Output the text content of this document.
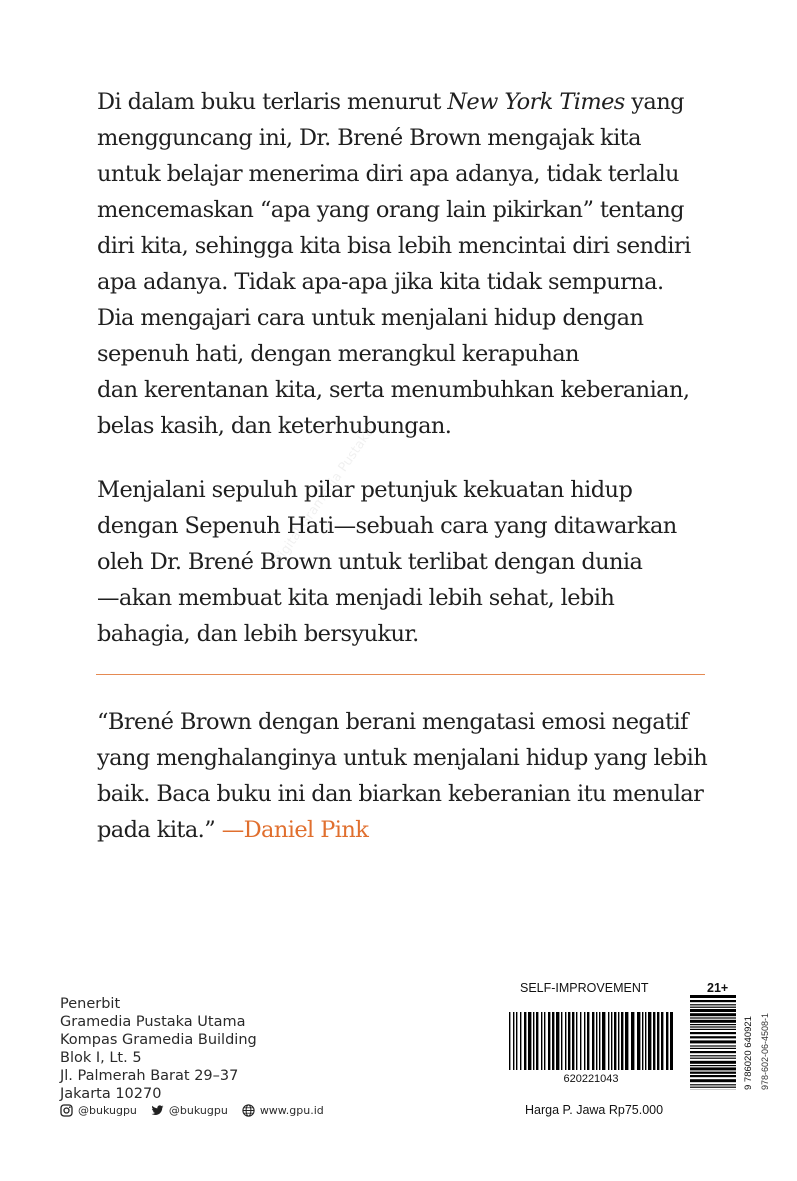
Di dalam buku terlaris menurut New York Times yang
mengguncang ini, Dr. Brené Brown mengajak kita
untuk belajar menerima diri apa adanya, tidak terlalu
mencemaskan “apa yang orang lain pikirkan” tentang
diri kita, sehingga kita bisa lebih mencintai diri sendiri
apa adanya. Tidak apa-apa jika kita tidak sempurna.
Dia mengajari cara untuk menjalani hidup dengan
sepenuh hati, dengan merangkul kerapuhan
dan kerentanan kita, serta menumbuhkan keberanian,
belas kasih, dan keterhubungan.
Menjalani sepuluh pilar petunjuk kekuatan hidup
dengan Sepenuh Hati—sebuah cara yang ditawarkan
oleh Dr. Brené Brown untuk terlibat dengan dunia
—akan membuat kita menjadi lebih sehat, lebih
bahagia, dan lebih bersyukur.
Digital Gramedia Pustaka
“Brené Brown dengan berani mengatasi emosi negatif
yang menghalanginya untuk menjalani hidup yang lebih
baik. Baca buku ini dan biarkan keberanian itu menular
pada kita.” —Daniel Pink
Penerbit
Gramedia Pustaka Utama
Kompas Gramedia Building
Blok I, Lt. 5
Jl. Palmerah Barat 29–37
Jakarta 10270
@bukugpu	@bukugpu	www.gpu.id
SELF-IMPROVEMENT	21+
620221043	9 786020 640921 978-602-06-4508-1
Harga P. Jawa Rp75.000
